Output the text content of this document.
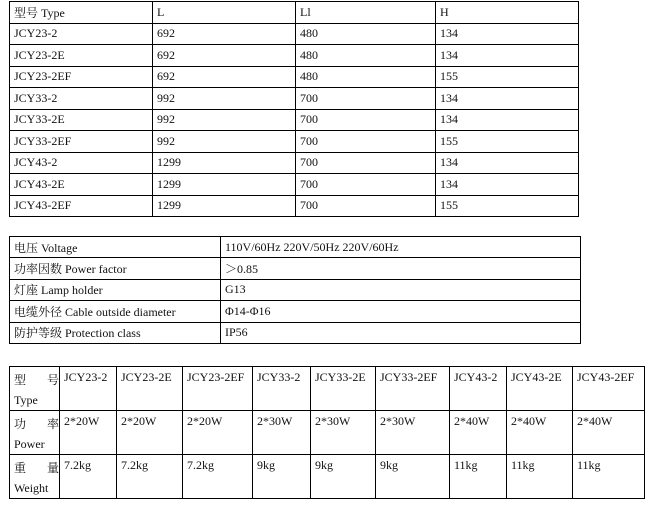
型号 Type	L	Ll	H
JCY23-2	692	480	134
JCY23-2E	692	480	134
JCY23-2EF	692	480	155
JCY33-2	992	700	134
JCY33-2E	992	700	134
JCY33-2EF	992	700	155
JCY43-2	1299	700	134
JCY43-2E	1299	700	134
JCY43-2EF	1299	700	155
电压 Voltage	110V/60Hz 220V/50Hz 220V/60Hz
功率因数 Power factor	＞0.85
灯座 Lamp holder	G13
电缆外径 Cable outside diameter	Φ14-Φ16
防护等级 Protection class	IP56
型 号
Type	JCY23-2	JCY23-2E	JCY23-2EF	JCY33-2	JCY33-2E	JCY33-2EF	JCY43-2	JCY43-2E	JCY43-2EF

功 率
Power	2*20W	2*20W	2*20W	2*30W	2*30W	2*30W	2*40W	2*40W	2*40W

重 量
Weight	7.2kg	7.2kg	7.2kg	9kg	9kg	9kg	11kg	11kg	11kg
